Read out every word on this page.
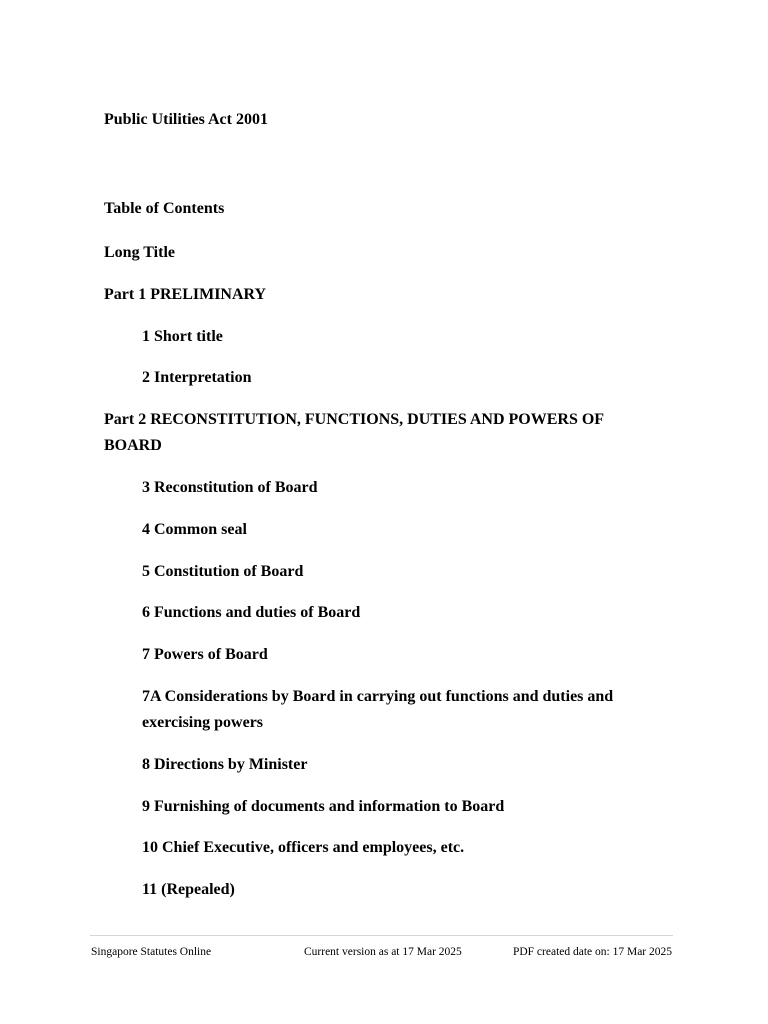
Public Utilities Act 2001
Table of Contents
Long Title
Part 1 PRELIMINARY
1 Short title
2 Interpretation
Part 2 RECONSTITUTION, FUNCTIONS, DUTIES AND POWERS OF BOARD
3 Reconstitution of Board
4 Common seal
5 Constitution of Board
6 Functions and duties of Board
7 Powers of Board
7A Considerations by Board in carrying out functions and duties and exercising powers
8 Directions by Minister
9 Furnishing of documents and information to Board
10 Chief Executive, officers and employees, etc.
11 (Repealed)
Singapore Statutes Online	Current version as at 17 Mar 2025	PDF created date on: 17 Mar 2025
